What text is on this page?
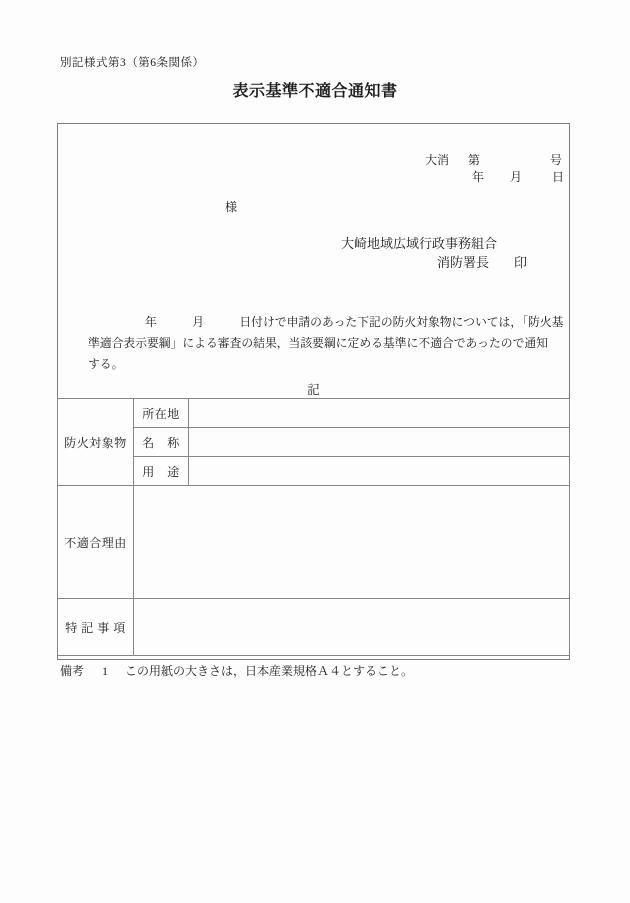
別記様式第3（第6条関係）
表示基準不適合通知書
大消 第	号
年 月 日
様
大崎地域広域行政事務組合
消防署長 印
年　　　月　　　日付けで申請のあった下記の防火対象物については，「防火基
準適合表示要綱」による審査の結果，当該要綱に定める基準に不適合であったので通知
する。
記
防火対象物	所在地	
	名　称	
	用　途	
不適合理由		
特 記 事 項		
備考 1 この用紙の大きさは，日本産業規格Ａ４とすること。
